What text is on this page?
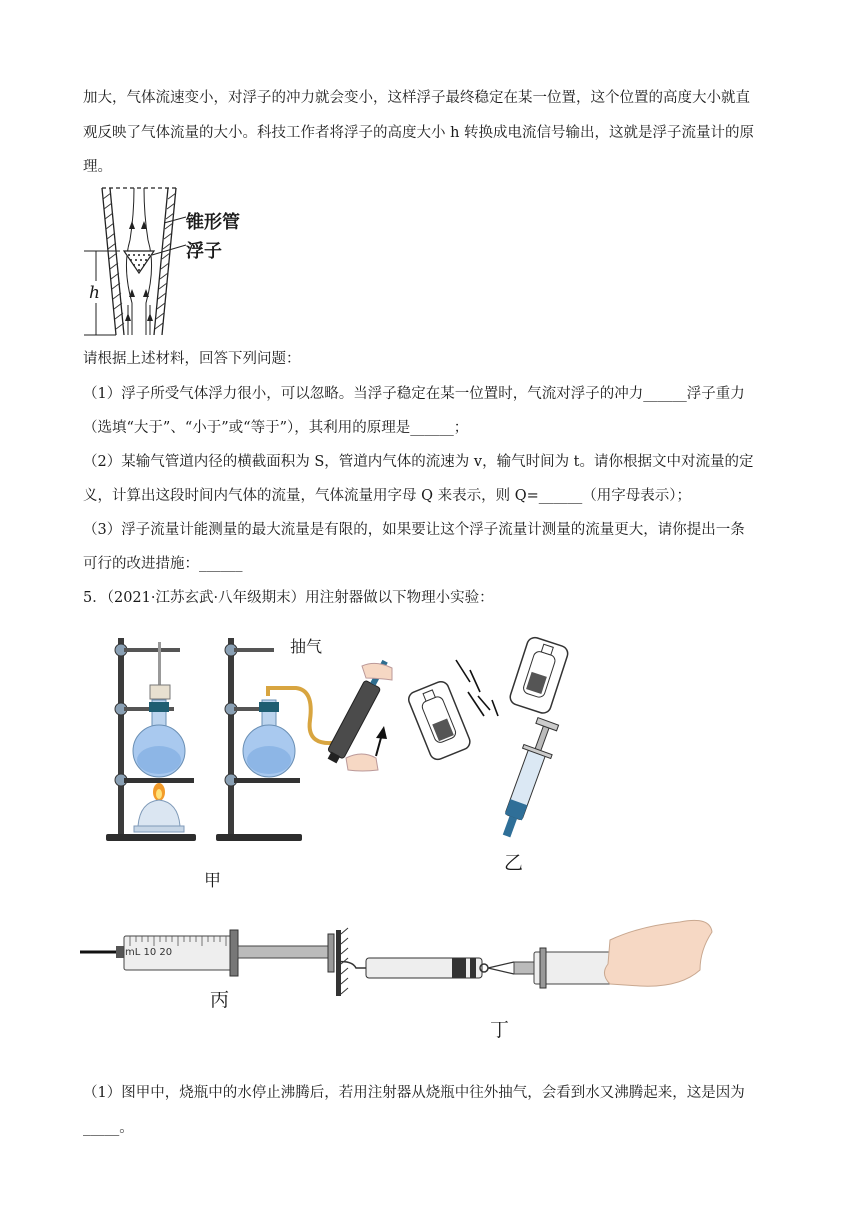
加大，气体流速变小，对浮子的冲力就会变小，这样浮子最终稳定在某一位置，这个位置的高度大小就直
观反映了气体流量的大小。科技工作者将浮子的高度大小 h 转换成电流信号输出，这就是浮子流量计的原
理。
锥形管
浮子
h
请根据上述材料，回答下列问题：
（1）浮子所受气体浮力很小，可以忽略。当浮子稳定在某一位置时，气流对浮子的冲力______浮子重力
（选填“大于”、“小于”或“等于”），其利用的原理是______；
（2）某输气管道内径的横截面积为 S，管道内气体的流速为 v，输气时间为 t。请你根据文中对流量的定
义，计算出这段时间内气体的流量，气体流量用字母 Q 来表示，则 Q=______（用字母表示）；
（3）浮子流量计能测量的最大流量是有限的，如果要让这个浮子流量计测量的流量更大，请你提出一条
可行的改进措施：______
5．（2021·江苏玄武·八年级期末）用注射器做以下物理小实验：
抽气
甲
乙
mL 10 20
丙
丁
（1）图甲中，烧瓶中的水停止沸腾后，若用注射器从烧瓶中往外抽气，会看到水又沸腾起来，这是因为
_____。
